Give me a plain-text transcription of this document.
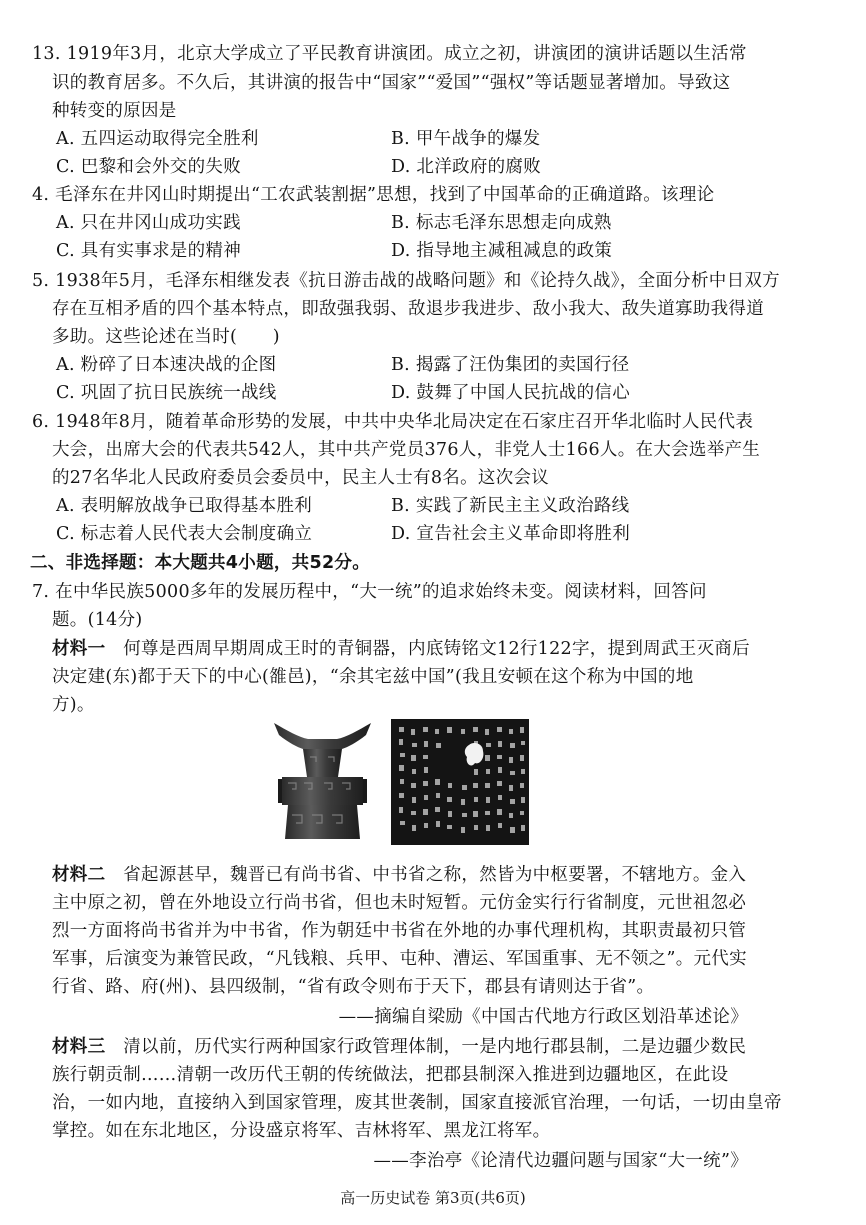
13. 1919年3月，北京大学成立了平民教育讲演团。成立之初，讲演团的演讲话题以生活常
识的教育居多。不久后，其讲演的报告中“国家”“爱国”“强权”等话题显著增加。导致这
种转变的原因是
A. 五四运动取得完全胜利	B. 甲午战争的爆发
C. 巴黎和会外交的失败	D. 北洋政府的腐败
4. 毛泽东在井冈山时期提出“工农武装割据”思想，找到了中国革命的正确道路。该理论
A. 只在井冈山成功实践	B. 标志毛泽东思想走向成熟
C. 具有实事求是的精神	D. 指导地主减租减息的政策
5. 1938年5月，毛泽东相继发表《抗日游击战的战略问题》和《论持久战》，全面分析中日双方
存在互相矛盾的四个基本特点，即敌强我弱、敌退步我进步、敌小我大、敌失道寡助我得道
多助。这些论述在当时(　　)
A. 粉碎了日本速决战的企图	B. 揭露了汪伪集团的卖国行径
C. 巩固了抗日民族统一战线	D. 鼓舞了中国人民抗战的信心
6. 1948年8月，随着革命形势的发展，中共中央华北局决定在石家庄召开华北临时人民代表
大会，出席大会的代表共542人，其中共产党员376人，非党人士166人。在大会选举产生
的27名华北人民政府委员会委员中，民主人士有8名。这次会议
A. 表明解放战争已取得基本胜利	B. 实践了新民主主义政治路线
C. 标志着人民代表大会制度确立	D. 宣告社会主义革命即将胜利
二、非选择题：本大题共4小题，共52分。
7. 在中华民族5000多年的发展历程中，“大一统”的追求始终未变。阅读材料，回答问
题。(14分)
材料一  何尊是西周早期周成王时的青铜器，内底铸铭文12行122字，提到周武王灭商后
决定建(东)都于天下的中心(雒邑)，“余其宅兹中国”(我且安顿在这个称为中国的地
方)。
材料二  省起源甚早，魏晋已有尚书省、中书省之称，然皆为中枢要署，不辖地方。金入
主中原之初，曾在外地设立行尚书省，但也未时短暂。元仿金实行行省制度，元世祖忽必
烈一方面将尚书省并为中书省，作为朝廷中书省在外地的办事代理机构，其职责最初只管
军事，后演变为兼管民政，“凡钱粮、兵甲、屯种、漕运、军国重事、无不领之”。元代实
行省、路、府(州)、县四级制，“省有政令则布于天下，郡县有请则达于省”。
——摘编自梁励《中国古代地方行政区划沿革述论》
材料三  清以前，历代实行两种国家行政管理体制，一是内地行郡县制，二是边疆少数民
族行朝贡制……清朝一改历代王朝的传统做法，把郡县制深入推进到边疆地区，在此设
治，一如内地，直接纳入到国家管理，废其世袭制，国家直接派官治理，一句话，一切由皇帝
掌控。如在东北地区，分设盛京将军、吉林将军、黑龙江将军。
——李治亭《论清代边疆问题与国家“大一统”》
高一历史试卷 第3页(共6页)
